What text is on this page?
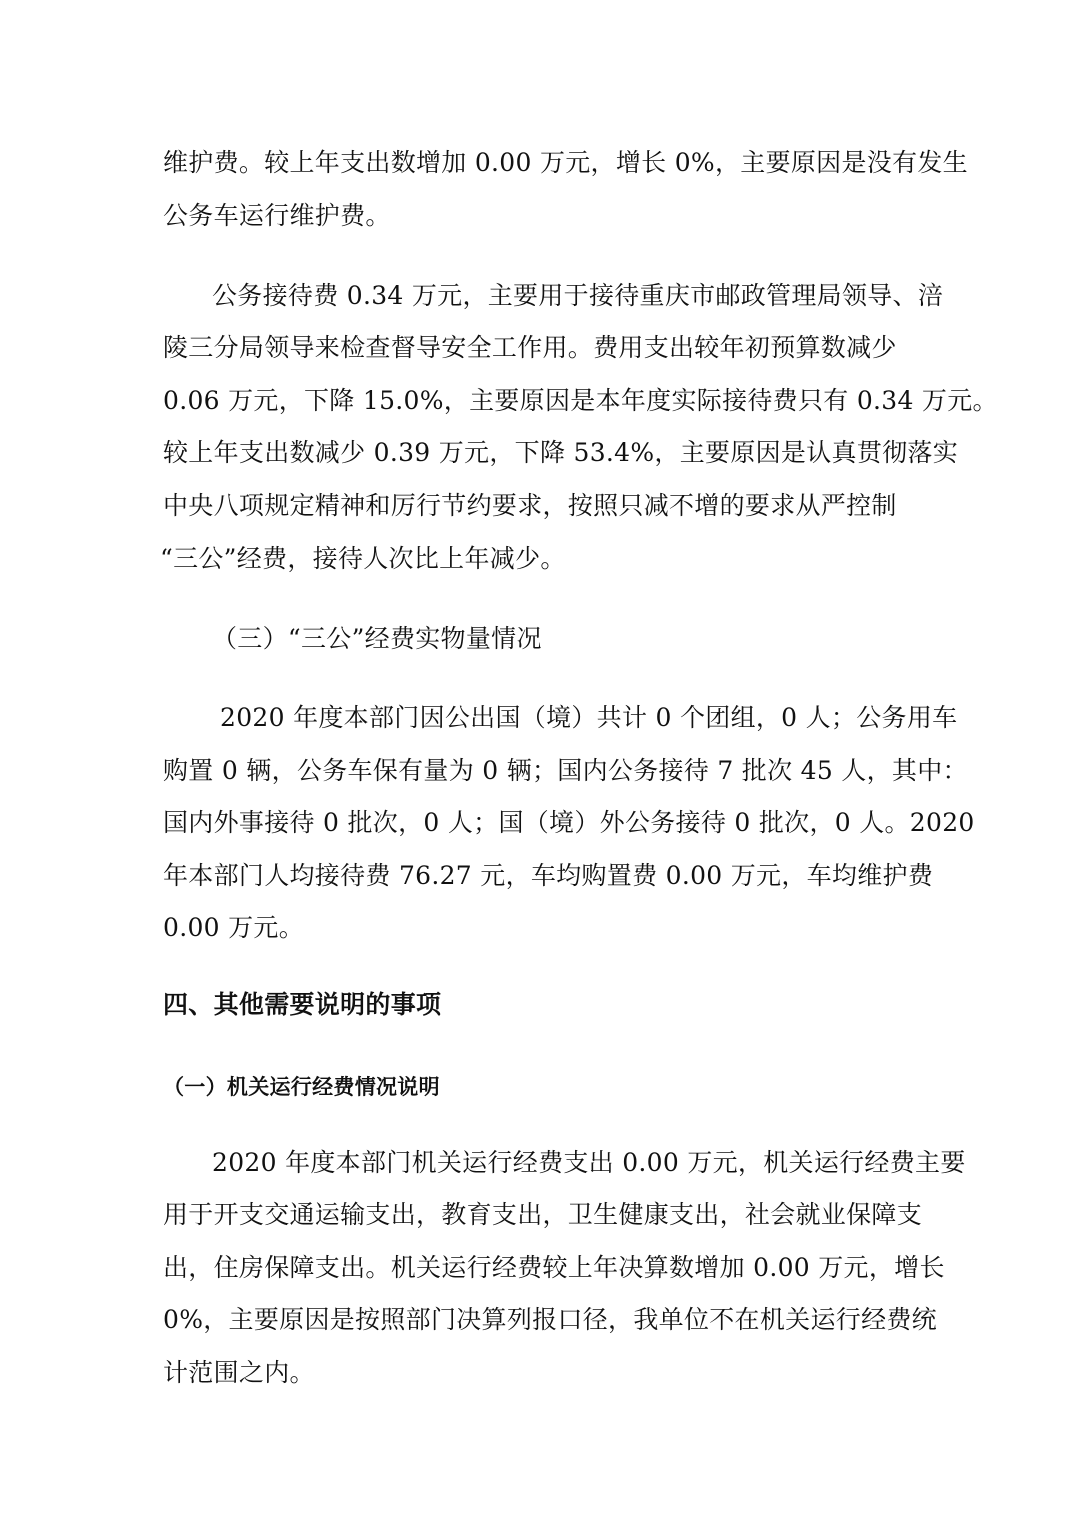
维护费。较上年支出数增加 0.00 万元，增长 0%，主要原因是没有发生
公务车运行维护费。
公务接待费 0.34 万元，主要用于接待重庆市邮政管理局领导、涪
陵三分局领导来检查督导安全工作用。费用支出较年初预算数减少
0.06 万元，下降 15.0%，主要原因是本年度实际接待费只有 0.34 万元。
较上年支出数减少 0.39 万元，下降 53.4%，主要原因是认真贯彻落实
中央八项规定精神和厉行节约要求，按照只减不增的要求从严控制
“三公”经费，接待人次比上年减少。
（三）“三公”经费实物量情况
2020 年度本部门因公出国（境）共计 0 个团组，0 人；公务用车
购置 0 辆，公务车保有量为 0 辆；国内公务接待 7 批次 45 人，其中：
国内外事接待 0 批次，0 人；国（境）外公务接待 0 批次，0 人。2020
年本部门人均接待费 76.27 元，车均购置费 0.00 万元，车均维护费
0.00 万元。
四、其他需要说明的事项
（一）机关运行经费情况说明
2020 年度本部门机关运行经费支出 0.00 万元，机关运行经费主要
用于开支交通运输支出，教育支出，卫生健康支出，社会就业保障支
出，住房保障支出。机关运行经费较上年决算数增加 0.00 万元，增长
0%，主要原因是按照部门决算列报口径，我单位不在机关运行经费统
计范围之内。
